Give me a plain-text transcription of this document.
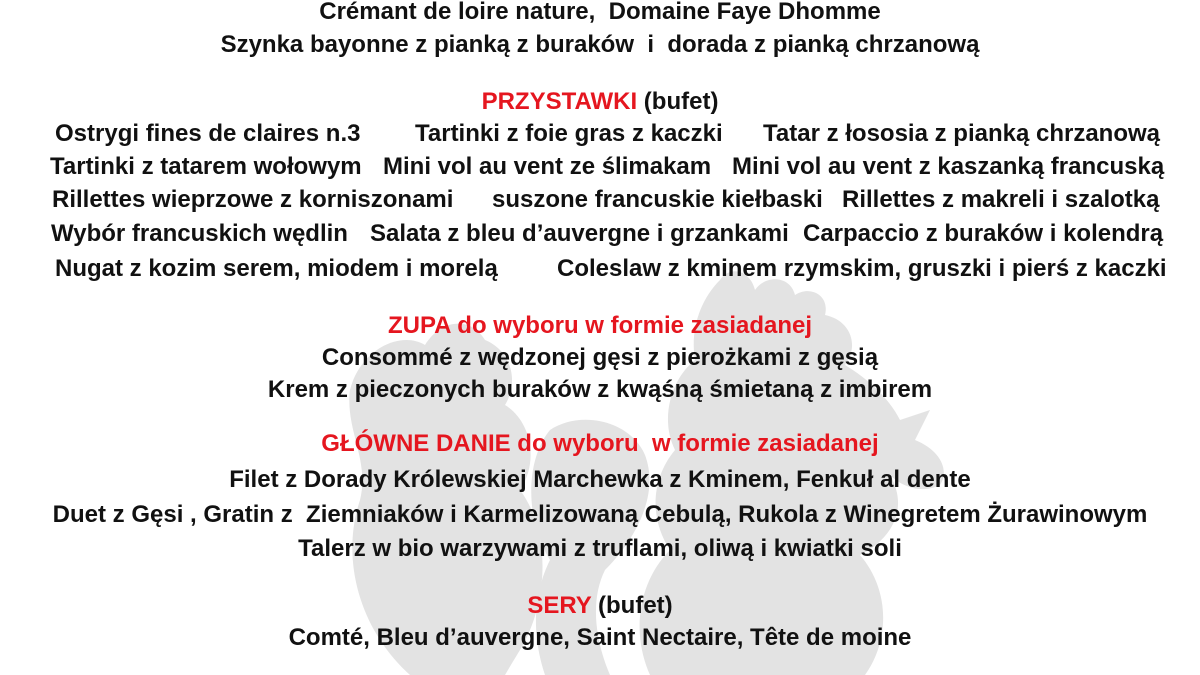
Crémant de loire nature,  Domaine Faye Dhomme
Szynka bayonne z pianką z buraków  i  dorada z pianką chrzanową
PRZYSTAWKI (bufet)
Ostrygi fines de claires n.3 Tartinki z foie gras z kaczki Tatar z łososia z pianką chrzanową
Tartinki z tatarem wołowym Mini vol au vent ze ślimakam Mini vol au vent z kaszanką francuską
Rillettes wieprzowe z korniszonami suszone francuskie kiełbaski Rillettes z makreli i szalotką
Wybór francuskich wędlin Salata z bleu d’auvergne i grzankami Carpaccio z buraków i kolendrą
Nugat z kozim serem, miodem i morelą Coleslaw z kminem rzymskim, gruszki i pierś z kaczki
ZUPA do wyboru w formie zasiadanej
Consommé z wędzonej gęsi z pierożkami z gęsią
Krem z pieczonych buraków z kwąśną śmietaną z imbirem
GŁÓWNE DANIE do wyboru  w formie zasiadanej
Filet z Dorady Królewskiej Marchewka z Kminem, Fenkuł al dente
Duet z Gęsi , Gratin z  Ziemniaków i Karmelizowaną Cebulą, Rukola z Winegretem Żurawinowym
Talerz w bio warzywami z truflami, oliwą i kwiatki soli
SERY (bufet)
Comté, Bleu d’auvergne, Saint Nectaire, Tête de moine
